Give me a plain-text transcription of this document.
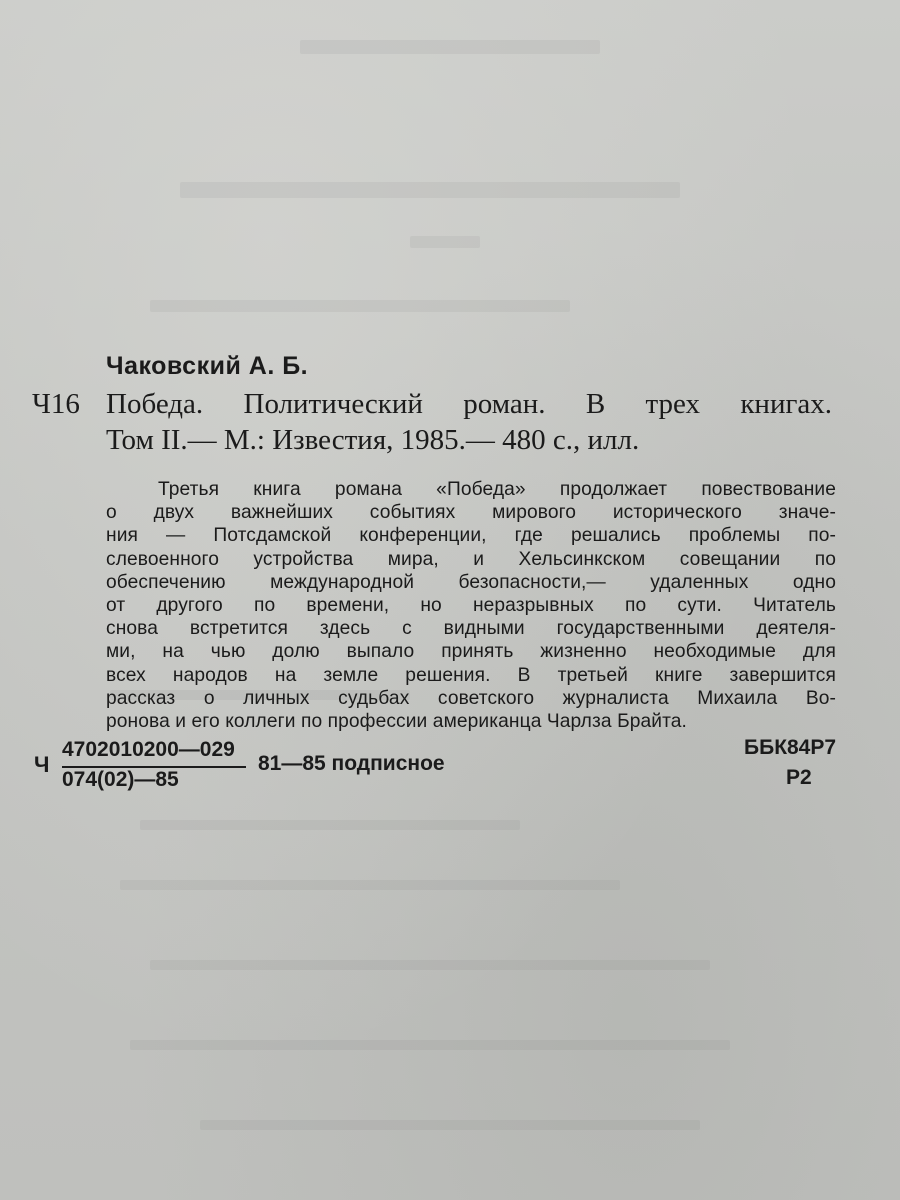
Чаковский А. Б.
Ч16 Победа. Политический роман. В трех книгах.
Том II.— М.: Известия, 1985.— 480 с., илл.
Третья книга романа «Победа» продолжает повествование
о двух важнейших событиях мирового исторического значе-
ния — Потсдамской конференции, где решались проблемы по-
слевоенного устройства мира, и Хельсинкском совещании по
обеспечению международной безопасности,— удаленных одно
от другого по времени, но неразрывных по сути. Читатель
снова встретится здесь с видными государственными деятеля-
ми, на чью долю выпало принять жизненно необходимые для
всех народов на земле решения. В третьей книге завершится
рассказ о личных судьбах советского журналиста Михаила Во-
ронова и его коллеги по профессии американца Чарлза Брайта.
Ч
4702010200—029
074(02)—85
81—85 подписное
ББК84Р7
Р2
